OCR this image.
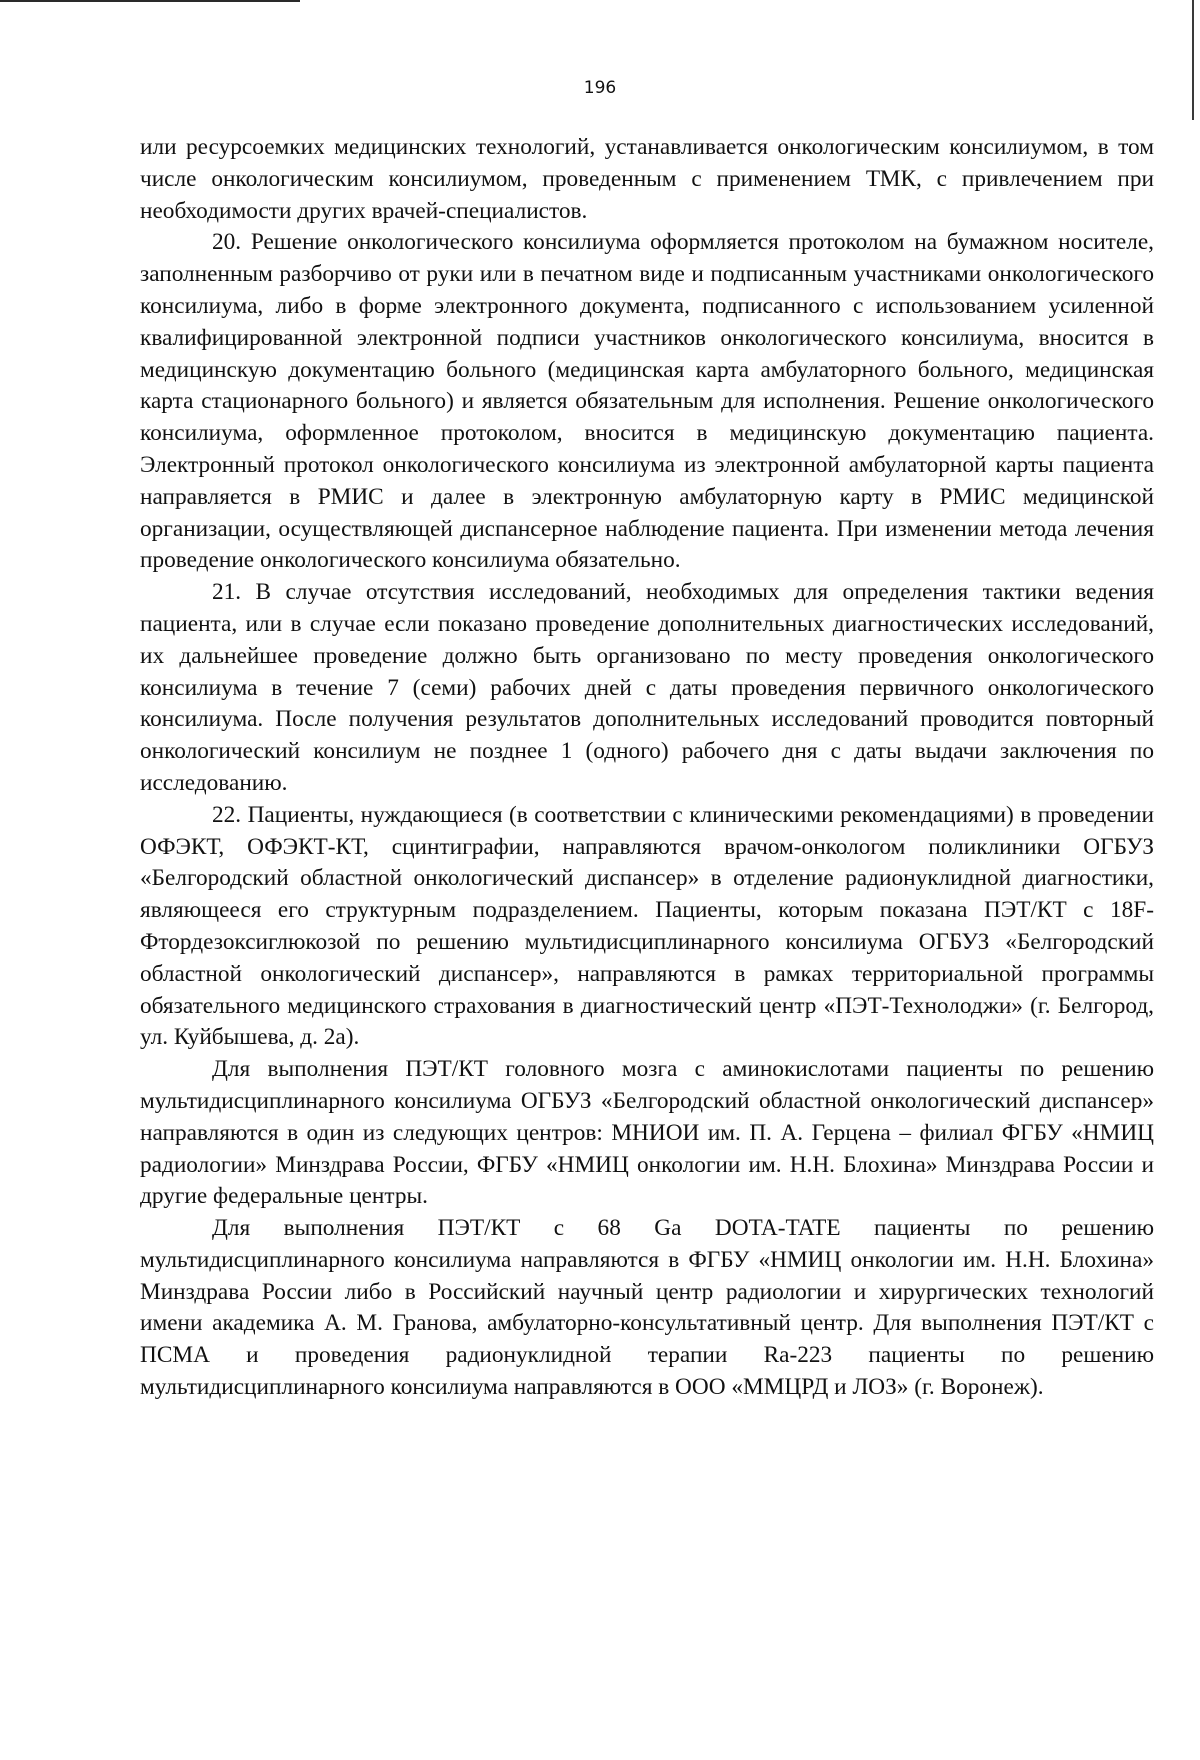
196

или ресурсоемких медицинских технологий, устанавливается онкологическим консилиумом, в том числе онкологическим консилиумом, проведенным с применением ТМК, с привлечением при необходимости других врачей-специалистов.

20. Решение онкологического консилиума оформляется протоколом на бумажном носителе, заполненным разборчиво от руки или в печатном виде и подписанным участниками онкологического консилиума, либо в форме электронного документа, подписанного с использованием усиленной квалифицированной электронной подписи участников онкологического консилиума, вносится в медицинскую документацию больного (медицинская карта амбулаторного больного, медицинская карта стационарного больного) и является обязательным для исполнения. Решение онкологического консилиума, оформленное протоколом, вносится в медицинскую документацию пациента. Электронный протокол онкологического консилиума из электронной амбулаторной карты пациента направляется в РМИС и далее в электронную амбулаторную карту в РМИС медицинской организации, осуществляющей диспансерное наблюдение пациента. При изменении метода лечения проведение онкологического консилиума обязательно.

21. В случае отсутствия исследований, необходимых для определения тактики ведения пациента, или в случае если показано проведение дополнительных диагностических исследований, их дальнейшее проведение должно быть организовано по месту проведения онкологического консилиума в течение 7 (семи) рабочих дней с даты проведения первичного онкологического консилиума. После получения результатов дополнительных исследований проводится повторный онкологический консилиум не позднее 1 (одного) рабочего дня с даты выдачи заключения по исследованию.

22. Пациенты, нуждающиеся (в соответствии с клиническими рекомендациями) в проведении ОФЭКТ, ОФЭКТ-КТ, сцинтиграфии, направляются врачом-онкологом поликлиники ОГБУЗ «Белгородский областной онкологический диспансер» в отделение радионуклидной диагностики, являющееся его структурным подразделением. Пациенты, которым показана ПЭТ/КТ с 18F-Фтордезоксиглюкозой по решению мультидисциплинарного консилиума ОГБУЗ «Белгородский областной онкологический диспансер», направляются в рамках территориальной программы обязательного медицинского страхования в диагностический центр «ПЭТ-Технолоджи» (г. Белгород, ул. Куйбышева, д. 2а).

Для выполнения ПЭТ/КТ головного мозга с аминокислотами пациенты по решению мультидисциплинарного консилиума ОГБУЗ «Белгородский областной онкологический диспансер» направляются в один из следующих центров: МНИОИ им. П. А. Герцена – филиал ФГБУ «НМИЦ радиологии» Минздрава России, ФГБУ «НМИЦ онкологии им. Н.Н. Блохина» Минздрава России и другие федеральные центры.

Для выполнения ПЭТ/КТ с 68 Ga DOTA-TATE пациенты по решению мультидисциплинарного консилиума направляются в ФГБУ «НМИЦ онкологии им. Н.Н. Блохина» Минздрава России либо в Российский научный центр радиологии и хирургических технологий имени академика А. М. Гранова, амбулаторно-консультативный центр. Для выполнения ПЭТ/КТ с ПСМА и проведения радионуклидной терапии Ra-223 пациенты по решению мультидисциплинарного консилиума направляются в ООО «ММЦРД и ЛОЗ» (г. Воронеж).
